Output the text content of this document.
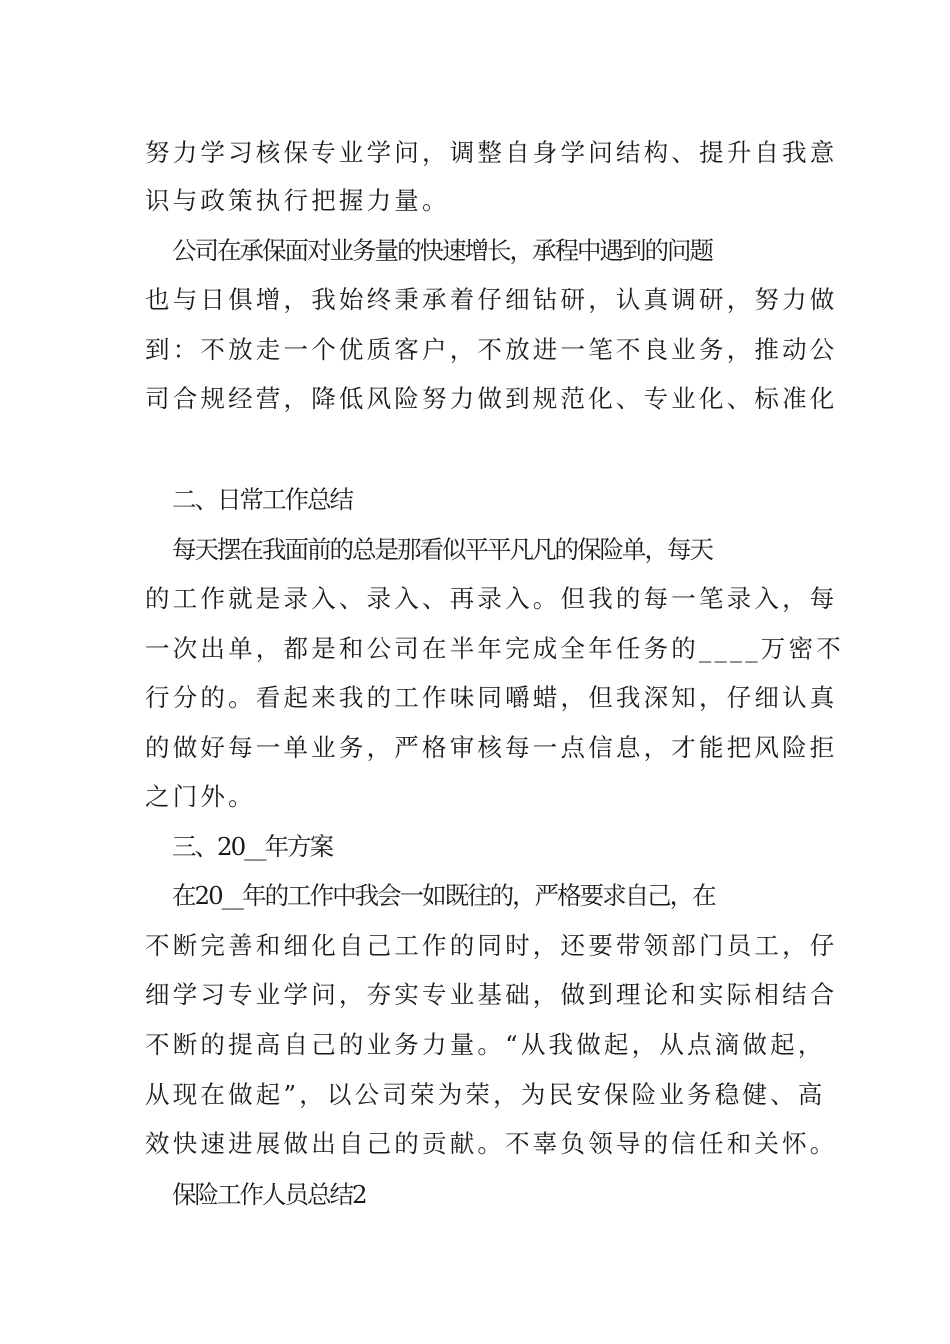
努力学习核保专业学问，调整自身学问结构、提升自我意
识与政策执行把握力量。
公司在承保面对业务量的快速增长，承程中遇到的问题
也与日俱增，我始终秉承着仔细钻研，认真调研，努力做
到：不放走一个优质客户，不放进一笔不良业务，推动公
司合规经营，降低风险努力做到规范化、专业化、标准化
二、日常工作总结
每天摆在我面前的总是那看似平平凡凡的保险单，每天
的工作就是录入、录入、再录入。但我的每一笔录入，每
一次出单，都是和公司在半年完成全年任务的____万密不
行分的。看起来我的工作味同嚼蜡，但我深知，仔细认真
的做好每一单业务，严格审核每一点信息，才能把风险拒
之门外。
三、20__年方案
在20__年的工作中我会一如既往的，严格要求自己，在
不断完善和细化自己工作的同时，还要带领部门员工，仔
细学习专业学问，夯实专业基础，做到理论和实际相结合
不断的提高自己的业务力量。“从我做起，从点滴做起，
从现在做起”，以公司荣为荣，为民安保险业务稳健、高
效快速进展做出自己的贡献。不辜负领导的信任和关怀。
保险工作人员总结2
